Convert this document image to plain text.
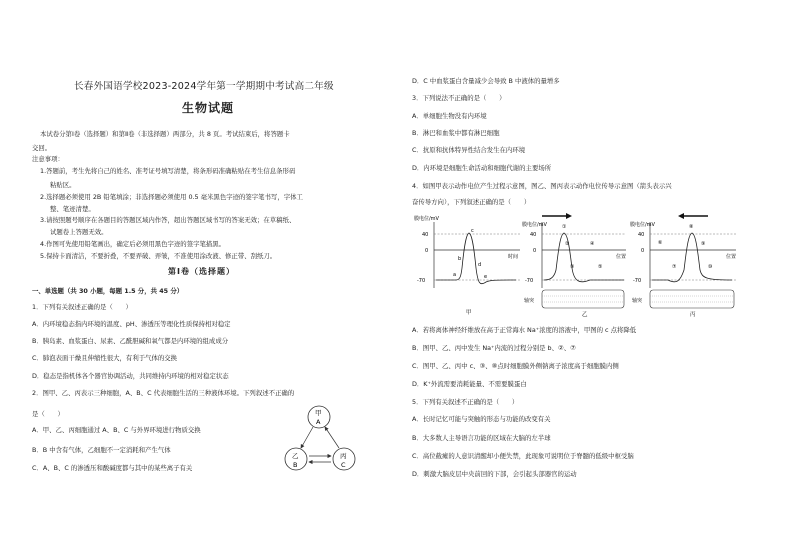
长春外国语学校2023-2024学年第一学期期中考试高二年级
生物试题
本试卷分第Ⅰ卷（选择题）和第Ⅱ卷（非选择题）两部分，共 8 页。考试结束后，将答题卡
交回。
注意事项：
1.答题前，考生先将自己的姓名、准考证号填写清楚，将条形码准确粘贴在考生信息条形码
粘贴区。
2.选择题必须使用 2B 铅笔填涂；非选择题必须使用 0.5 毫米黑色字迹的签字笔书写，字体工
整、笔迹清楚。
3.请按照题号顺序在各题目的答题区域内作答，超出答题区域书写的答案无效；在草稿纸、
试题卷上答题无效。
4.作图可先使用铅笔画出，确定后必须用黑色字迹的签字笔描黑。
5.保持卡面清洁，不要折叠，不要弄破、弄皱，不准使用涂改液、修正带、刮纸刀。
第Ⅰ卷（选择题）
一、单选题（共 30 小题，每题 1.5 分，共 45 分）
1．下列有关叙述正确的是（　　）
A．内环境稳态指内环境的温度、pH、渗透压等理化性质保持相对稳定
B．胰岛素、血浆蛋白、尿素、乙酰胆碱和氧气都是内环境的组成成分
C．肺泡表面干燥且伸缩性很大，有利于气体的交换
D．稳态是指机体各个器官协调活动，共同维持内环境的相对稳定状态
2．图甲、乙、丙表示三种细胞，A、B、C 代表细胞生活的三种液体环境。下列叙述不正确的
是（　　）
A．甲、乙、丙细胞通过 A、B、C 与外界环境进行物质交换
B．B 中含有气体，乙细胞不一定消耗和产生气体
C．A、B、C 的渗透压和酸碱度都与其中的某些离子有关
甲
A
乙
B
丙
C
D．C 中血浆蛋白含量减少会导致 B 中液体的量增多
3．下列说法不正确的是（　　）
A．单细胞生物没有内环境
B．淋巴和血浆中都有淋巴细胞
C．抗原和抗体特异性结合发生在内环境
D．内环境是细胞生命活动和细胞代谢的主要场所
4．如图甲表示动作电位产生过程示意图，图乙、图丙表示动作电位传导示意图（箭头表示兴
奋传导方向），下列叙述正确的是（　　）
膜电位/mV
40
0
-70
时间
a
b
c
d
e
甲
膜电位/mV
40
0
-70
位置
①
②
③
④
⑤
轴突
乙
膜电位/mV
40
0
-70
位置
⑥
⑦
⑧
⑨
⑩
轴突
丙
A．若将离体神经纤维放在高于正常海水 Na⁺浓度的溶液中，甲图的 c 点将降低
B．图甲、乙、丙中发生 Na⁺内流的过程分别是 b、②、⑦
C．图甲、乙、丙中 c、③、⑧点时细胞膜外侧钠离子浓度高于细胞膜内侧
D．K⁺外流需要消耗能量、不需要膜蛋白
5．下列有关叙述不正确的是（　　）
A．长时记忆可能与突触的形态与功能的改变有关
B．大多数人主导语言功能的区域在大脑的左半球
C．高位截瘫的人意识清醒却小便失禁，此现象可说明位于脊髓的低级中枢受脑
D．刺激大脑皮层中央前回的下部，会引起头部器官的运动
